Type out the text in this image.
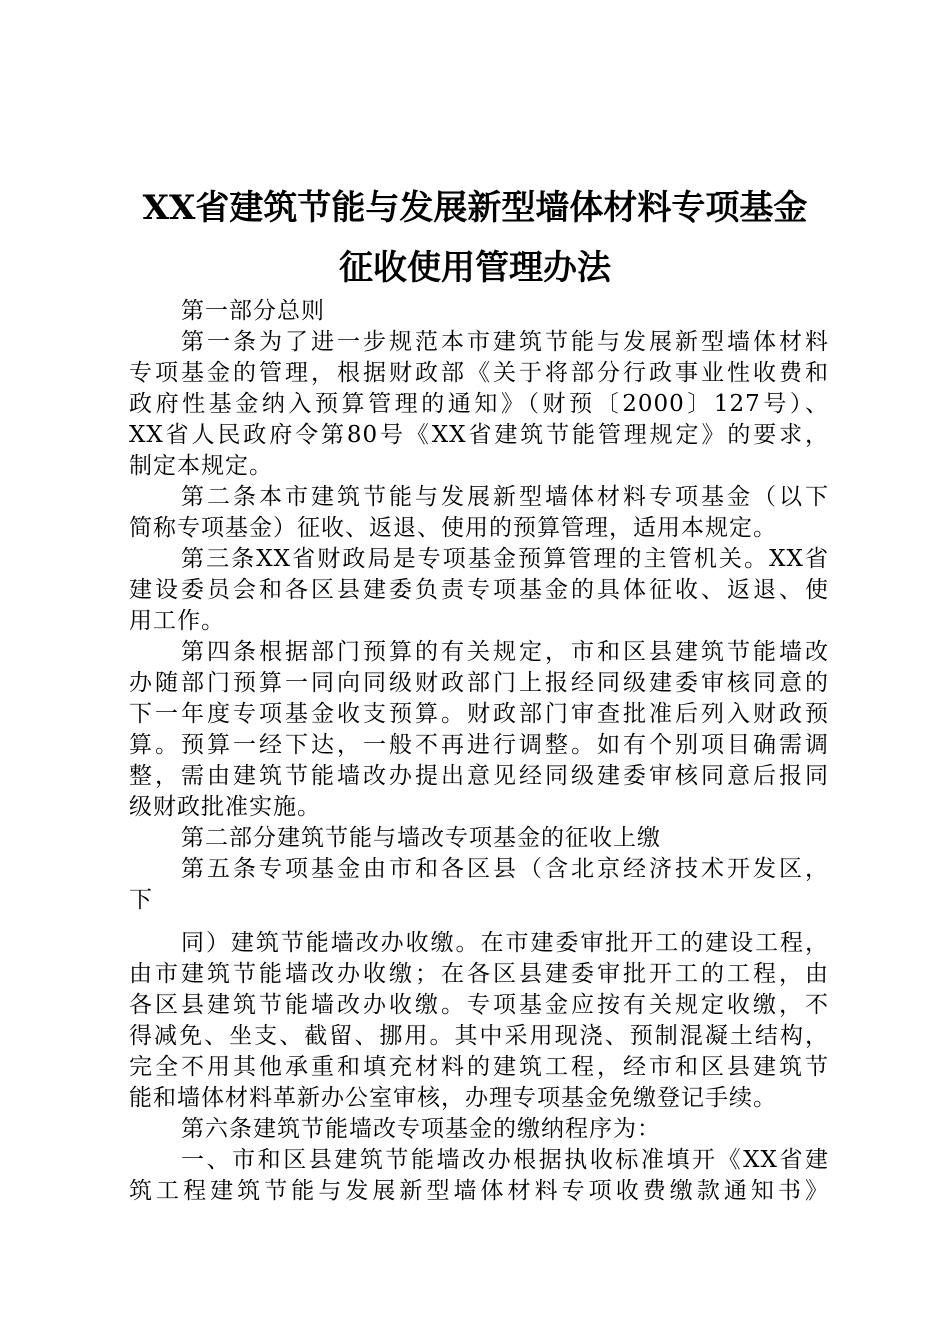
XX省建筑节能与发展新型墙体材料专项基金
征收使用管理办法
第一部分总则
第一条为了进一步规范本市建筑节能与发展新型墙体材料
专项基金的管理，根据财政部《关于将部分行政事业性收费和
政府性基金纳入预算管理的通知》（财预〔2000〕127号）、
XX省人民政府令第80号《XX省建筑节能管理规定》的要求，
制定本规定。
第二条本市建筑节能与发展新型墙体材料专项基金（以下
简称专项基金）征收、返退、使用的预算管理，适用本规定。
第三条XX省财政局是专项基金预算管理的主管机关。XX省
建设委员会和各区县建委负责专项基金的具体征收、返退、使
用工作。
第四条根据部门预算的有关规定，市和区县建筑节能墙改
办随部门预算一同向同级财政部门上报经同级建委审核同意的
下一年度专项基金收支预算。财政部门审查批准后列入财政预
算。预算一经下达，一般不再进行调整。如有个别项目确需调
整，需由建筑节能墙改办提出意见经同级建委审核同意后报同
级财政批准实施。
第二部分建筑节能与墙改专项基金的征收上缴
第五条专项基金由市和各区县（含北京经济技术开发区，
下
同）建筑节能墙改办收缴。在市建委审批开工的建设工程，
由市建筑节能墙改办收缴；在各区县建委审批开工的工程，由
各区县建筑节能墙改办收缴。专项基金应按有关规定收缴，不
得减免、坐支、截留、挪用。其中采用现浇、预制混凝土结构，
完全不用其他承重和填充材料的建筑工程，经市和区县建筑节
能和墙体材料革新办公室审核，办理专项基金免缴登记手续。
第六条建筑节能墙改专项基金的缴纳程序为：
一、市和区县建筑节能墙改办根据执收标准填开《XX省建
筑工程建筑节能与发展新型墙体材料专项收费缴款通知书》
